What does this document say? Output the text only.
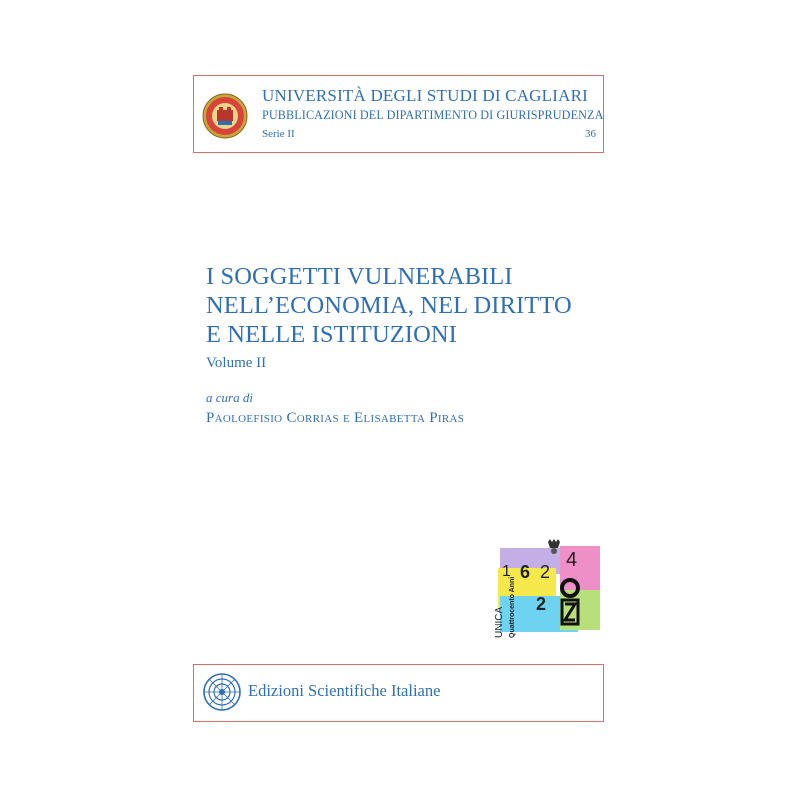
UNIVERSITÀ DEGLI STUDI DI CAGLIARI
PUBBLICAZIONI DEL DIPARTIMENTO DI GIURISPRUDENZA
Serie II	36
I SOGGETTI VULNERABILI
NELL’ECONOMIA, NEL DIRITTO
E NELLE ISTITUZIONI
Volume II
a cura di
Paoloefisio Corrias e Elisabetta Piras
1 6 2
4
2
UNICA Quattrocento Anni
Edizioni Scientifiche Italiane
